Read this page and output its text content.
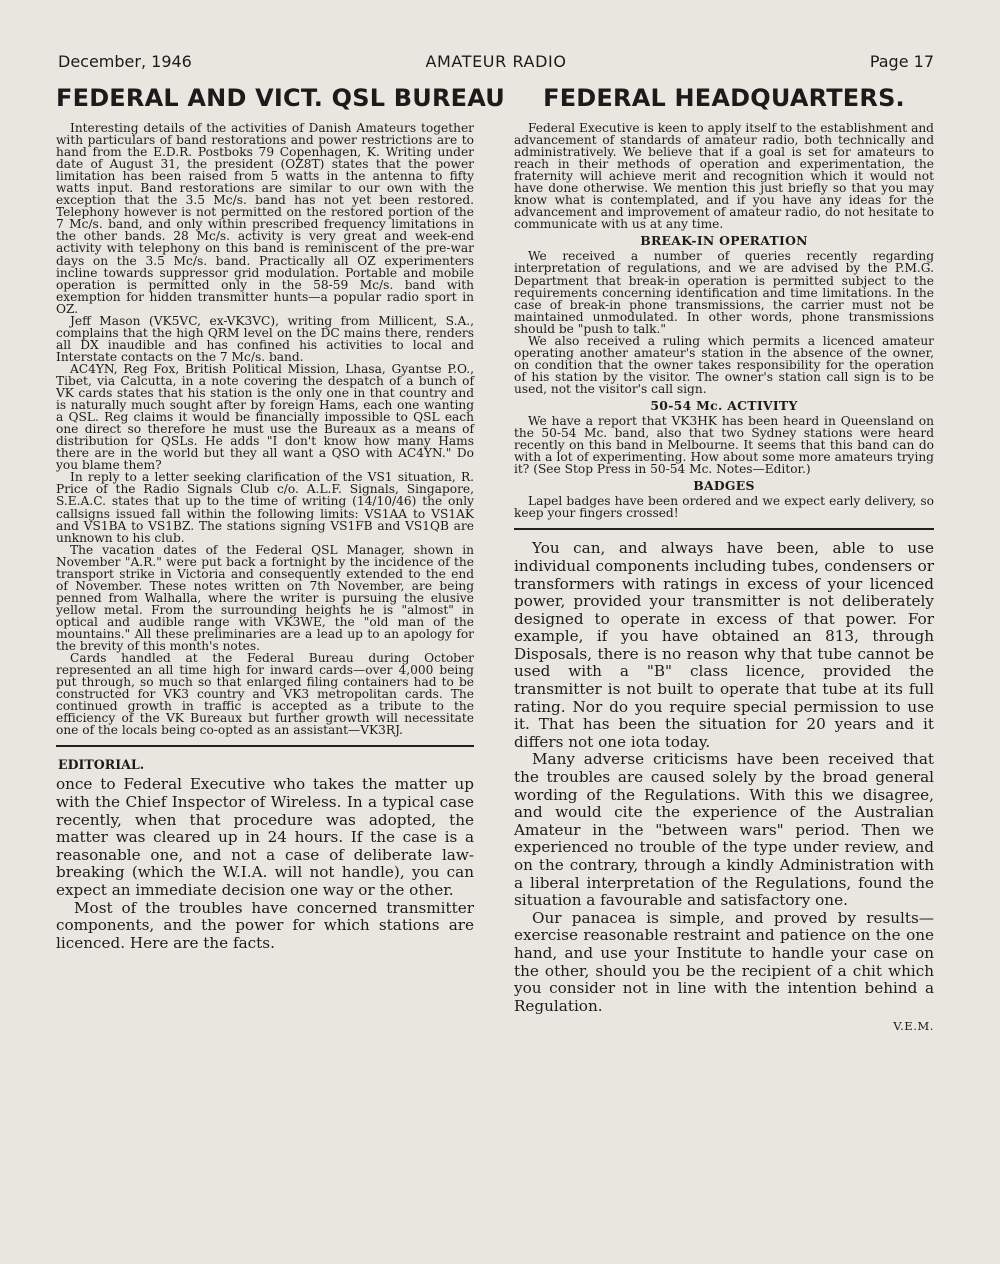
December, 1946	AMATEUR RADIO	Page 17
FEDERAL AND VICT. QSL BUREAU

Interesting details of the activities of Danish Amateurs together with particulars of band restorations and power restrictions are to hand from the E.D.R. Postboks 79 Copenhagen, K. Writing under date of August 31, the president (OZ8T) states that the power limitation has been raised from 5 watts in the antenna to fifty watts input. Band restorations are similar to our own with the exception that the 3.5 Mc/s. band has not yet been restored. Telephony however is not permitted on the restored portion of the 7 Mc/s. band, and only within prescribed frequency limitations in the other bands. 28 Mc/s. activity is very great and week-end activity with telephony on this band is reminiscent of the pre-war days on the 3.5 Mc/s. band. Practically all OZ experimenters incline towards suppressor grid modulation. Portable and mobile operation is permitted only in the 58-59 Mc/s. band with exemption for hidden transmitter hunts—a popular radio sport in OZ.

Jeff Mason (VK5VC, ex-VK3VC), writing from Millicent, S.A., complains that the high QRM level on the DC mains there, renders all DX inaudible and has confined his activities to local and Interstate contacts on the 7 Mc/s. band.

AC4YN, Reg Fox, British Political Mission, Lhasa, Gyantse P.O., Tibet, via Calcutta, in a note covering the despatch of a bunch of VK cards states that his station is the only one in that country and is naturally much sought after by foreign Hams, each one wanting a QSL. Reg claims it would be financially impossible to QSL each one direct so therefore he must use the Bureaux as a means of distribution for QSLs. He adds "I don't know how many Hams there are in the world but they all want a QSO with AC4YN." Do you blame them?

In reply to a letter seeking clarification of the VS1 situation, R. Price of the Radio Signals Club c/o. A.L.F. Signals, Singapore, S.E.A.C. states that up to the time of writing (14/10/46) the only callsigns issued fall within the following limits: VS1AA to VS1AK and VS1BA to VS1BZ. The stations signing VS1FB and VS1QB are unknown to his club.

The vacation dates of the Federal QSL Manager, shown in November "A.R." were put back a fortnight by the incidence of the transport strike in Victoria and consequently extended to the end of November. These notes written on 7th November, are being penned from Walhalla, where the writer is pursuing the elusive yellow metal. From the surrounding heights he is "almost" in optical and audible range with VK3WE, the "old man of the mountains." All these preliminaries are a lead up to an apology for the brevity of this month's notes.

Cards handled at the Federal Bureau during October represented an all time high for inward cards—over 4,000 being put through, so much so that enlarged filing containers had to be constructed for VK3 country and VK3 metropolitan cards. The continued growth in traffic is accepted as a tribute to the efficiency of the VK Bureaux but further growth will necessitate one of the locals being co-opted as an assistant—VK3RJ.

EDITORIAL.

once to Federal Executive who takes the matter up with the Chief Inspector of Wireless. In a typical case recently, when that procedure was adopted, the matter was cleared up in 24 hours. If the case is a reasonable one, and not a case of deliberate law-breaking (which the W.I.A. will not handle), you can expect an immediate decision one way or the other.

Most of the troubles have concerned transmitter components, and the power for which stations are licenced. Here are the facts.

FEDERAL HEADQUARTERS.

Federal Executive is keen to apply itself to the establishment and advancement of standards of amateur radio, both technically and administratively. We believe that if a goal is set for amateurs to reach in their methods of operation and experimentation, the fraternity will achieve merit and recognition which it would not have done otherwise. We mention this just briefly so that you may know what is contemplated, and if you have any ideas for the advancement and improvement of amateur radio, do not hesitate to communicate with us at any time.

BREAK-IN OPERATION

We received a number of queries recently regarding interpretation of regulations, and we are advised by the P.M.G. Department that break-in operation is permitted subject to the requirements concerning identification and time limitations. In the case of break-in phone transmissions, the carrier must not be maintained unmodulated. In other words, phone transmissions should be "push to talk."

We also received a ruling which permits a licenced amateur operating another amateur's station in the absence of the owner, on condition that the owner takes responsibility for the operation of his station by the visitor. The owner's station call sign is to be used, not the visitor's call sign.

50-54 Mc. ACTIVITY

We have a report that VK3HK has been heard in Queensland on the 50-54 Mc. band, also that two Sydney stations were heard recently on this band in Melbourne. It seems that this band can do with a lot of experimenting. How about some more amateurs trying it? (See Stop Press in 50-54 Mc. Notes—Editor.)

BADGES

Lapel badges have been ordered and we expect early delivery, so keep your fingers crossed!

You can, and always have been, able to use individual components including tubes, condensers or transformers with ratings in excess of your licenced power, provided your transmitter is not deliberately designed to operate in excess of that power. For example, if you have obtained an 813, through Disposals, there is no reason why that tube cannot be used with a "B" class licence, provided the transmitter is not built to operate that tube at its full rating. Nor do you require special permission to use it. That has been the situation for 20 years and it differs not one iota today.

Many adverse criticisms have been received that the troubles are caused solely by the broad general wording of the Regulations. With this we disagree, and would cite the experience of the Australian Amateur in the "between wars" period. Then we experienced no trouble of the type under review, and on the contrary, through a kindly Administration with a liberal interpretation of the Regulations, found the situation a favourable and satisfactory one.

Our panacea is simple, and proved by results—exercise reasonable restraint and patience on the one hand, and use your Institute to handle your case on the other, should you be the recipient of a chit which you consider not in line with the intention behind a Regulation.

V.E.M.
